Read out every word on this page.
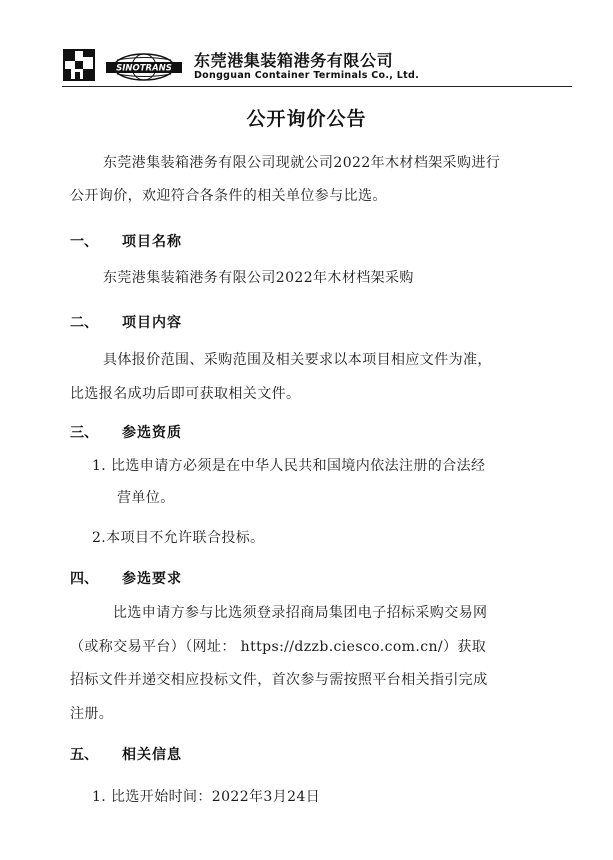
SINOTRANS 东莞港集装箱港务有限公司
Dongguan Container Terminals Co., Ltd.
公开询价公告
东莞港集装箱港务有限公司现就公司2022年木材档架采购进行
公开询价，欢迎符合各条件的相关单位参与比选。
一、 项目名称
东莞港集装箱港务有限公司2022年木材档架采购
二、 项目内容
具体报价范围、采购范围及相关要求以本项目相应文件为准，
比选报名成功后即可获取相关文件。
三、 参选资质
1. 比选申请方必须是在中华人民共和国境内依法注册的合法经
营单位。
2.本项目不允许联合投标。
四、 参选要求
比选申请方参与比选须登录招商局集团电子招标采购交易网
（或称交易平台）（网址： https://dzzb.ciesco.com.cn/）获取
招标文件并递交相应投标文件，首次参与需按照平台相关指引完成
注册。
五、 相关信息
1. 比选开始时间：2022年3月24日
